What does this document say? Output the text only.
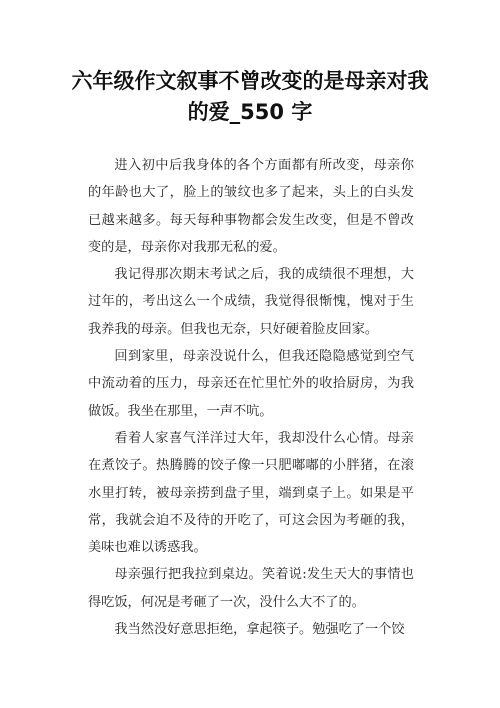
六年级作文叙事不曾改变的是母亲对我
的爱_550 字

进入初中后我身体的各个方面都有所改变，母亲你的年龄也大了，脸上的皱纹也多了起来，头上的白头发已越来越多。每天每种事物都会发生改变，但是不曾改变的是，母亲你对我那无私的爱。

我记得那次期末考试之后，我的成绩很不理想，大过年的，考出这么一个成绩，我觉得很惭愧，愧对于生我养我的母亲。但我也无奈，只好硬着脸皮回家。

回到家里，母亲没说什么，但我还隐隐感觉到空气中流动着的压力，母亲还在忙里忙外的收拾厨房，为我做饭。我坐在那里，一声不吭。

看着人家喜气洋洋过大年，我却没什么心情。母亲在煮饺子。热腾腾的饺子像一只肥嘟嘟的小胖猪，在滚水里打转，被母亲捞到盘子里，端到桌子上。如果是平常，我就会迫不及待的开吃了，可这会因为考砸的我，美味也难以诱惑我。

母亲强行把我拉到桌边。笑着说:发生天大的事情也得吃饭，何况是考砸了一次，没什么大不了的。

我当然没好意思拒绝，拿起筷子。勉强吃了一个饺
